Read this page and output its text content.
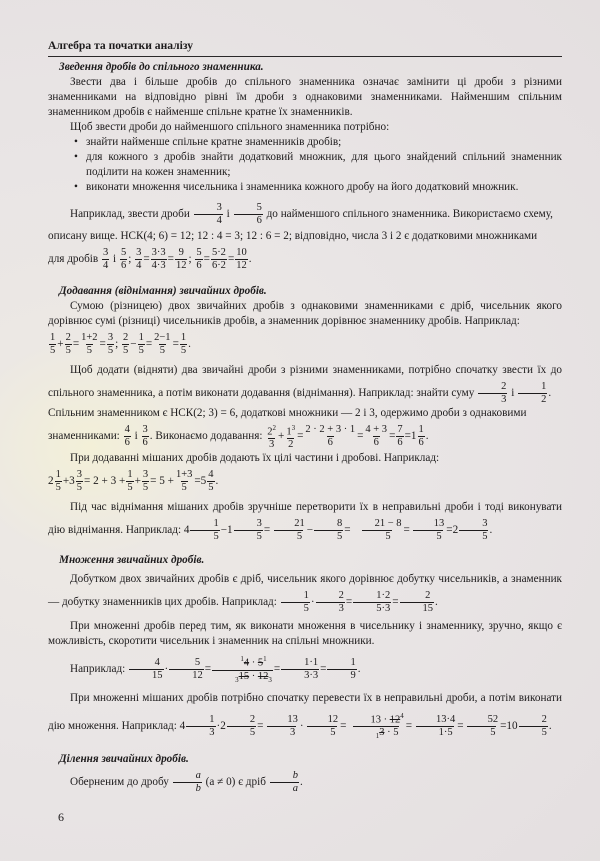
Алгебра та початки аналізу
Зведення дробів до спільного знаменника.

Звести два і більше дробів до спільного знаменника означає замінити ці дроби з різними знаменниками на відповідно рівні їм дроби з однаковими знаменниками. Найменшим спільним знаменником дробів є найменше спільне кратне їх знаменників.

Щоб звести дроби до найменшого спільного знаменника потрібно:

• знайти найменше спільне кратне знаменників дробів;
• для кожного з дробів знайти додатковий множник, для цього знайдений спільний знаменник поділити на кожен знаменник;
• виконати множення чисельника і знаменника кожного дробу на його додатковий множник.

Наприклад, звести дроби $\frac{3}{4}$ і $\frac{5}{6}$ до найменшого спільного знаменника. Використаємо схему,

описану вище. НСК(4; 6) = 12; 12 : 4 = 3; 12 : 6 = 2; відповідно, числа 3 і 2 є додатковими множниками

для дробів $\frac{3}{4}$ і $\frac{5}{6}$ ; $\frac{3}{4} = \frac{3\cdot 3}{4\cdot 3} = \frac{9}{12}$ ; $\frac{5}{6} = \frac{5\cdot 2}{6\cdot 2} = \frac{10}{12}$ .

Додавання (віднімання) звичайних дробів.

Сумою (різницею) двох звичайних дробів з однаковими знаменниками є дріб, чисельник якого дорівнює сумі (різниці) чисельників дробів, а знаменник дорівнює знаменнику дробів. Наприклад:

$\frac{1}{5} + \frac{2}{5} = \frac{1+2}{5} = \frac{3}{5}$ ; $\frac{2}{5} - \frac{1}{5} = \frac{2-1}{5} = \frac{1}{5}$ .

Щоб додати (відняти) два звичайні дроби з різними знаменниками, потрібно спочатку звести їх до спільного знаменника, а потім виконати додавання (віднімання). Наприклад: знайти суму $\frac{2}{3}$ і $\frac{1}{2}$ .

Спільним знаменником є НСК(2; 3) = 6, додаткові множники — 2 і 3, одержимо дроби з однаковими

знаменниками: $\frac{4}{6}$ і $\frac{3}{6}$ . Виконаємо додавання: $\frac{2^2}{3} + \frac{1^3}{2} = \frac{2 \cdot 2 + 3 \cdot 1}{6} = \frac{4 + 3}{6} = \frac{7}{6} =1 \frac{1}{6}$ .

При додаванні мішаних дробів додають їх цілі частини і дробові. Наприклад:

$2 \frac{1}{5} +3 \frac{3}{5} = 2 + 3 + \frac{1}{5} + \frac{3}{5} = 5 + \frac{1+3}{5} =5 \frac{4}{5}$ .

Під час віднімання мішаних дробів зручніше перетворити їх в неправильні дроби і тоді виконувати дію віднімання. Наприклад: $4 \frac{1}{5} -1 \frac{3}{5} = \frac{21}{5} - \frac{8}{5} = \frac{21 - 8}{5} = \frac{13}{5} =2 \frac{3}{5}$ .

Множення звичайних дробів.

Добутком двох звичайних дробів є дріб, чисельник якого дорівнює добутку чисельників, а знаменник — добутку знаменників цих дробів. Наприклад: $\frac{1}{5} \cdot \frac{2}{3} = \frac{1\cdot 2}{5\cdot 3} = \frac{2}{15}$ .

При множенні дробів перед тим, як виконати множення в чисельнику і знаменнику, зручно, якщо є можливість, скоротити чисельник і знаменник на спільні множники.

Наприклад: $\frac{4}{15} \cdot \frac{5}{12} = \frac{^14 \cdot 5^1}{_315 \cdot 12_3} = \frac{1\cdot 1}{3\cdot 3} = \frac{1}{9}$ .

При множенні мішаних дробів потрібно спочатку перевести їх в неправильні дроби, а потім виконати дію множення. Наприклад: $4 \frac{1}{3} \cdot 2 \frac{2}{5} = \frac{13}{3} \cdot \frac{12}{5} = \frac{13 \cdot 12^4}{_13 \cdot 5} = \frac{13\cdot 4}{1\cdot 5} = \frac{52}{5} =10 \frac{2}{5}$ .

Ділення звичайних дробів.

Оберненим до дробу $\frac{a}{b} (a \ne 0)$ є дріб $\frac{b}{a}$ .

6
